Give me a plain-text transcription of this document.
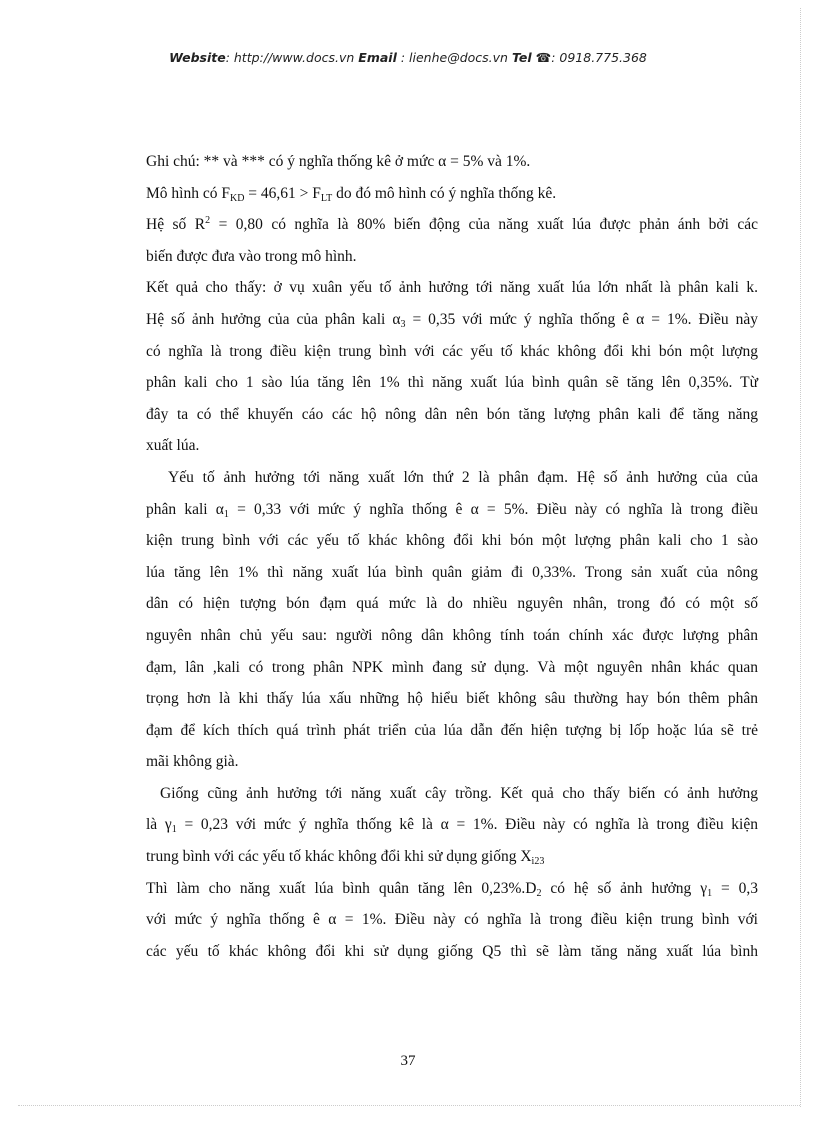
Website: http://www.docs.vn Email : lienhe@docs.vn Tel ☎: 0918.775.368
Ghi chú: ** và *** có ý nghĩa thống kê ở mức α = 5% và 1%.
Mô hình có $F_{KD} = 46,61 > F_{LT}$ do đó mô hình có ý nghĩa thống kê.
Hệ số $R^2 = 0,80$ có nghĩa là 80% biến động của năng xuất lúa được phản ánh bởi các
biến được đưa vào trong mô hình.
Kết quả cho thấy: ở vụ xuân yếu tố ảnh hưởng tới năng xuất lúa lớn nhất là phân kali k.
Hệ số ảnh hưởng của của phân kali $\alpha_3 = 0,35$ với mức ý nghĩa thống ê α = 1%. Điều này
có nghĩa là trong điều kiện trung bình với các yếu tố khác không đổi khi bón một lượng
phân kali cho 1 sào lúa tăng lên 1% thì năng xuất lúa bình quân sẽ tăng lên 0,35%. Từ
đây ta có thể khuyến cáo các hộ nông dân nên bón tăng lượng phân kali để tăng năng
xuất lúa.
Yếu tố ảnh hưởng tới năng xuất lớn thứ 2 là phân đạm. Hệ số ảnh hưởng của của
phân kali $\alpha_1 = 0,33$ với mức ý nghĩa thống ê α = 5%. Điều này có nghĩa là trong điều
kiện trung bình với các yếu tố khác không đổi khi bón một lượng phân kali cho 1 sào
lúa tăng lên 1% thì năng xuất lúa bình quân giảm đi 0,33%. Trong sản xuất của nông
dân có hiện tượng bón đạm quá mức là do nhiều nguyên nhân, trong đó có một số
nguyên nhân chủ yếu sau: người nông dân không tính toán chính xác được lượng phân
đạm, lân ,kali có trong phân NPK mình đang sử dụng. Và một nguyên nhân khác quan
trọng hơn là khi thấy lúa xấu những hộ hiểu biết không sâu thường hay bón thêm phân
đạm để kích thích quá trình phát triển của lúa dẫn đến hiện tượng bị lốp hoặc lúa sẽ trẻ
mãi không già.
Giống cũng ảnh hưởng tới năng xuất cây trồng. Kết quả cho thấy biến có ảnh hưởng
là $\gamma_1 = 0,23$ với mức ý nghĩa thống kê là α = 1%. Điều này có nghĩa là trong điều kiện
trung bình với các yếu tố khác không đổi khi sử dụng giống $X_{i23}$
Thì làm cho năng xuất lúa bình quân tăng lên $0,23\%.D_2$ có hệ số ảnh hưởng $\gamma_1 = 0,3$
với mức ý nghĩa thống ê α = 1%. Điều này có nghĩa là trong điều kiện trung bình với
các yếu tố khác không đổi khi sử dụng giống Q5 thì sẽ làm tăng năng xuất lúa bình
37
